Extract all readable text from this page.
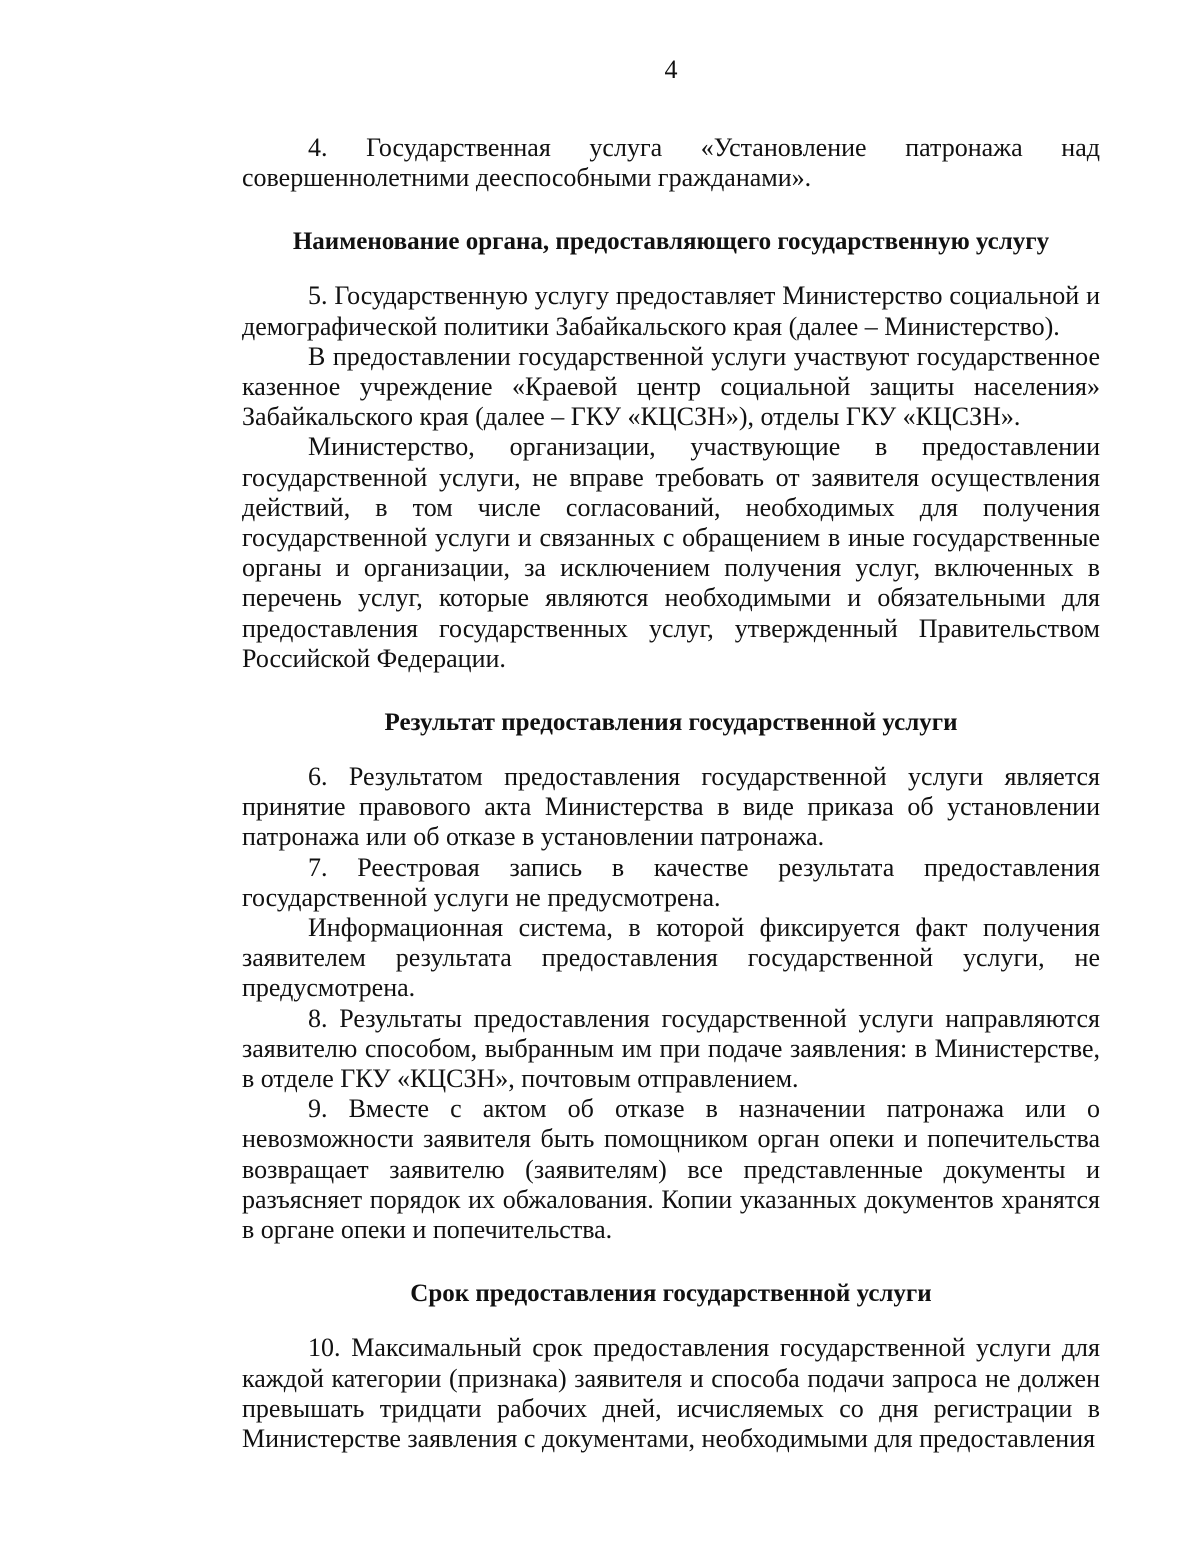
4

4. Государственная услуга «Установление патронажа над совершеннолетними дееспособными гражданами».

Наименование органа, предоставляющего государственную услугу

5. Государственную услугу предоставляет Министерство социальной и демографической политики Забайкальского края (далее – Министерство).

В предоставлении государственной услуги участвуют государственное казенное учреждение «Краевой центр социальной защиты населения» Забайкальского края (далее – ГКУ «КЦСЗН»), отделы ГКУ «КЦСЗН».

Министерство, организации, участвующие в предоставлении государственной услуги, не вправе требовать от заявителя осуществления действий, в том числе согласований, необходимых для получения государственной услуги и связанных с обращением в иные государственные органы и организации, за исключением получения услуг, включенных в перечень услуг, которые являются необходимыми и обязательными для предоставления государственных услуг, утвержденный Правительством Российской Федерации.

Результат предоставления государственной услуги

6. Результатом предоставления государственной услуги является принятие правового акта Министерства в виде приказа об установлении патронажа или об отказе в установлении патронажа.

7. Реестровая запись в качестве результата предоставления государственной услуги не предусмотрена.

Информационная система, в которой фиксируется факт получения заявителем результата предоставления государственной услуги, не предусмотрена.

8. Результаты предоставления государственной услуги направляются заявителю способом, выбранным им при подаче заявления: в Министерстве, в отделе ГКУ «КЦСЗН», почтовым отправлением.

9. Вместе с актом об отказе в назначении патронажа или о невозможности заявителя быть помощником орган опеки и попечительства возвращает заявителю (заявителям) все представленные документы и разъясняет порядок их обжалования. Копии указанных документов хранятся в органе опеки и попечительства.

Срок предоставления государственной услуги

10. Максимальный срок предоставления государственной услуги для каждой категории (признака) заявителя и способа подачи запроса не должен превышать тридцати рабочих дней, исчисляемых со дня регистрации в Министерстве заявления с документами, необходимыми для предоставления
